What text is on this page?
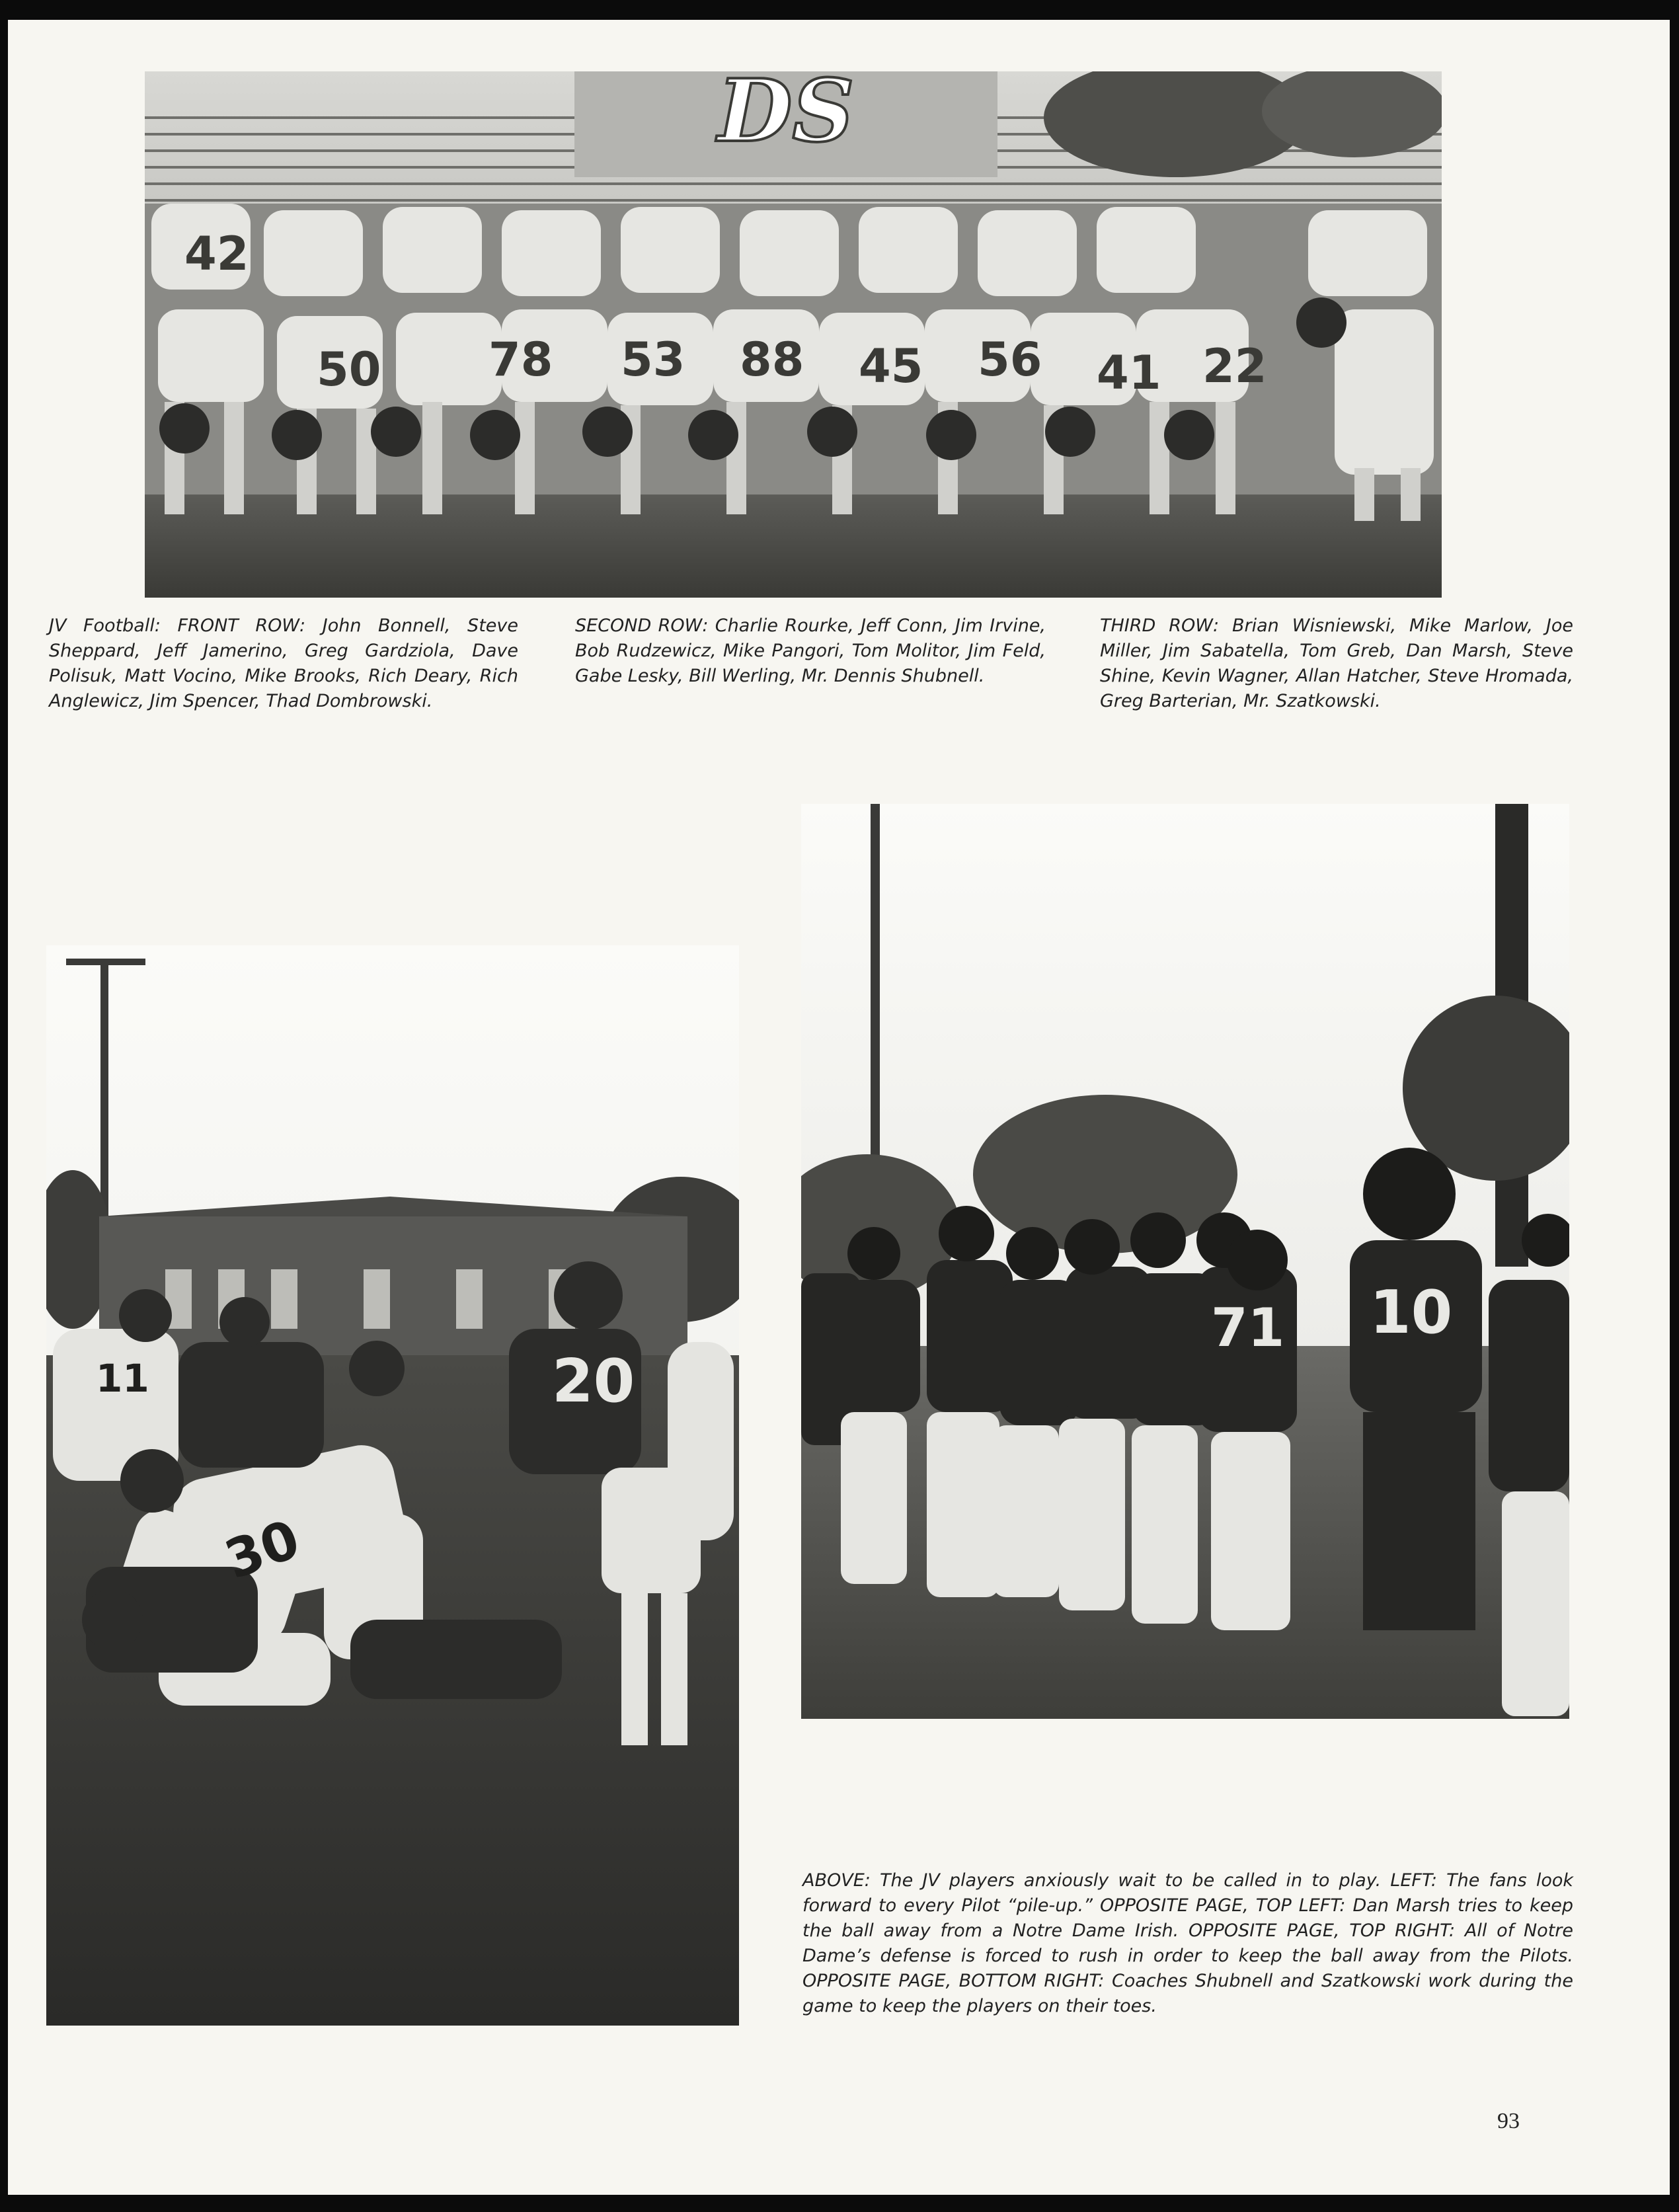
DS
42
78 53 88 45 56 41 22
50

JV Football: FRONT ROW: John Bonnell, Steve Sheppard, Jeff Jamerino, Greg Gardziola, Dave Polisuk, Matt Vocino, Mike Brooks, Rich Deary, Rich Anglewicz, Jim Spencer, Thad Dombrowski.

SECOND ROW: Charlie Rourke, Jeff Conn, Jim Irvine, Bob Rudzewicz, Mike Pangori, Tom Molitor, Jim Feld, Gabe Lesky, Bill Werling, Mr. Dennis Shubnell.

THIRD ROW: Brian Wisniewski, Mike Marlow, Joe Miller, Jim Sabatella, Tom Greb, Dan Marsh, Steve Shine, Kevin Wagner, Allan Hatcher, Steve Hromada, Greg Barterian, Mr. Szatkowski.

11
30
20
10
71

ABOVE: The JV players anxiously wait to be called in to play. LEFT: The fans look forward to every Pilot “pile-up.” OPPOSITE PAGE, TOP LEFT: Dan Marsh tries to keep the ball away from a Notre Dame Irish. OPPOSITE PAGE, TOP RIGHT: All of Notre Dame’s defense is forced to rush in order to keep the ball away from the Pilots. OPPOSITE PAGE, BOTTOM RIGHT: Coaches Shubnell and Szatkowski work during the game to keep the players on their toes.

93
